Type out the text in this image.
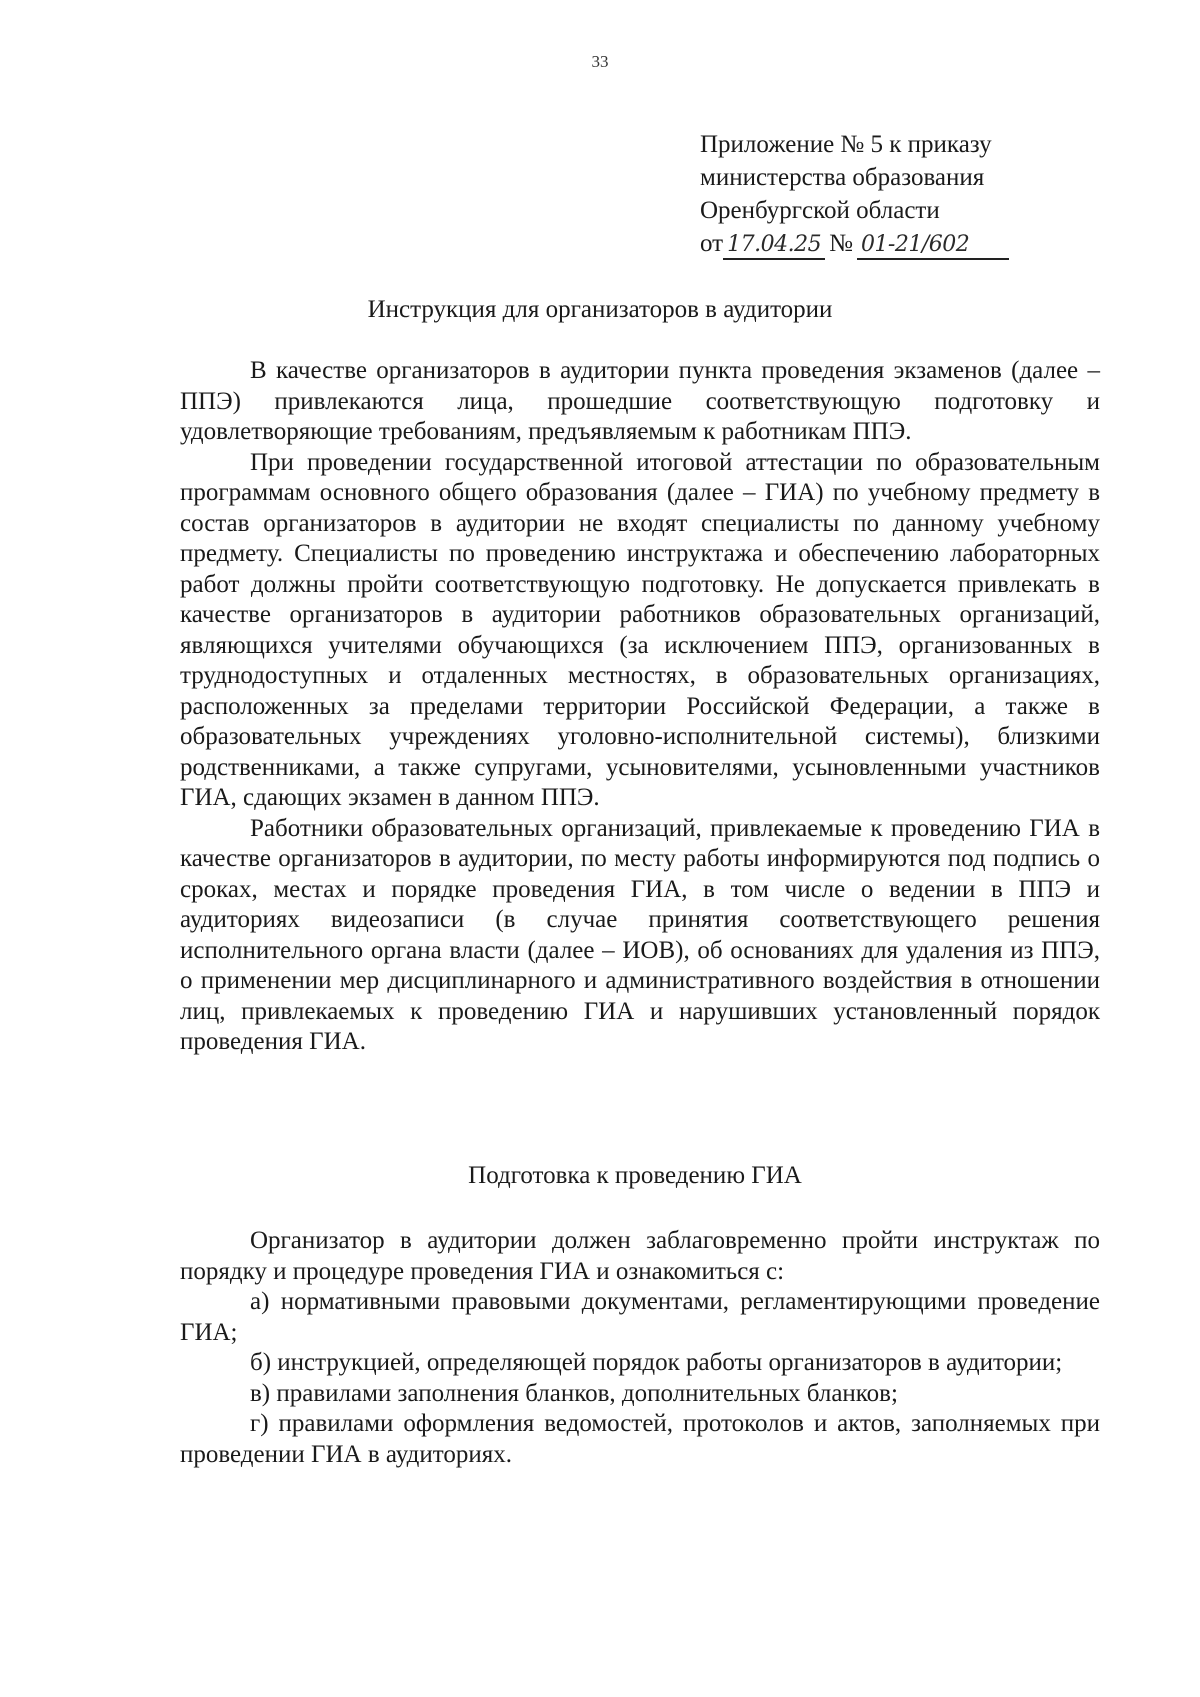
33
Приложение № 5 к приказу
министерства образования
Оренбургской области
от 17.04.25 № 01-21/602
Инструкция для организаторов в аудитории

В качестве организаторов в аудитории пункта проведения экзаменов (далее – ППЭ) привлекаются лица, прошедшие соответствующую подготовку и удовлетворяющие требованиям, предъявляемым к работникам ППЭ.

При проведении государственной итоговой аттестации по образовательным программам основного общего образования (далее – ГИА) по учебному предмету в состав организаторов в аудитории не входят специалисты по данному учебному предмету. Специалисты по проведению инструктажа и обеспечению лабораторных работ должны пройти соответствующую подготовку. Не допускается привлекать в качестве организаторов в аудитории работников образовательных организаций, являющихся учителями обучающихся (за исключением ППЭ, организованных в труднодоступных и отдаленных местностях, в образовательных организациях, расположенных за пределами территории Российской Федерации, а также в образовательных учреждениях уголовно-исполнительной системы), близкими родственниками, а также супругами, усыновителями, усыновленными участников ГИА, сдающих экзамен в данном ППЭ.

Работники образовательных организаций, привлекаемые к проведению ГИА в качестве организаторов в аудитории, по месту работы информируются под подпись о сроках, местах и порядке проведения ГИА, в том числе о ведении в ППЭ и аудиториях видеозаписи (в случае принятия соответствующего решения исполнительного органа власти (далее – ИОВ), об основаниях для удаления из ППЭ, о применении мер дисциплинарного и административного воздействия в отношении лиц, привлекаемых к проведению ГИА и нарушивших установленный порядок проведения ГИА.

Подготовка к проведению ГИА

Организатор в аудитории должен заблаговременно пройти инструктаж по порядку и процедуре проведения ГИА и ознакомиться с:

а) нормативными правовыми документами, регламентирующими проведение ГИА;

б) инструкцией, определяющей порядок работы организаторов в аудитории;

в) правилами заполнения бланков, дополнительных бланков;

г) правилами оформления ведомостей, протоколов и актов, заполняемых при проведении ГИА в аудиториях.
